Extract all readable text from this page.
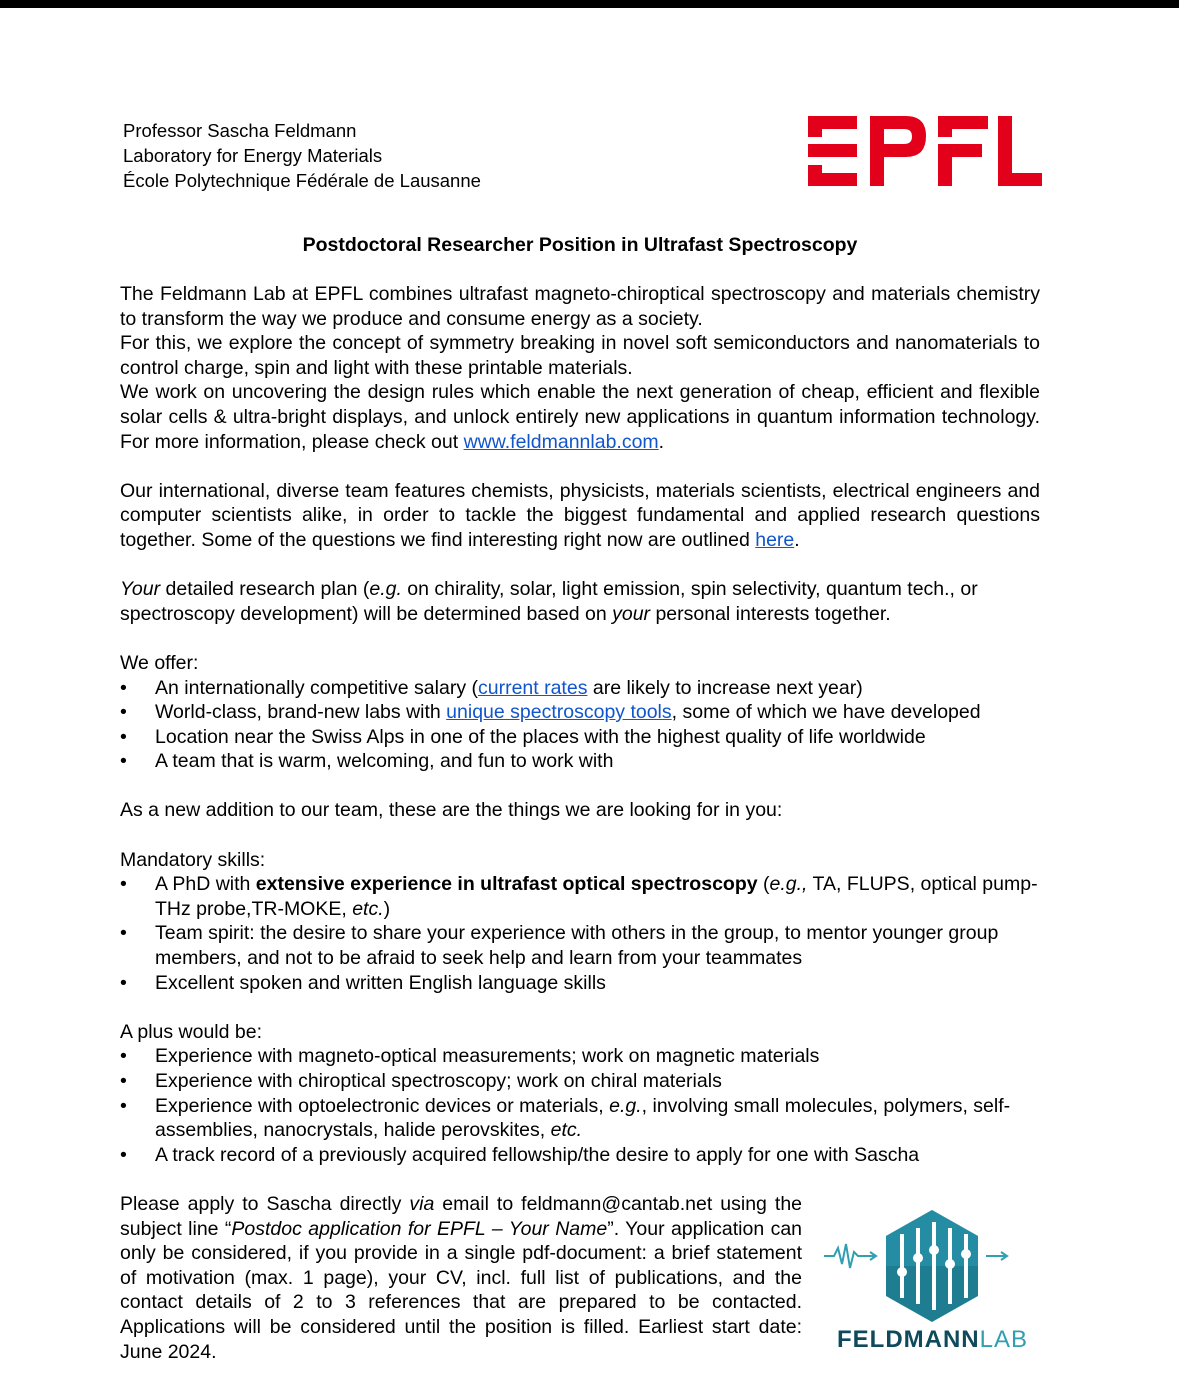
Professor Sascha Feldmann
Laboratory for Energy Materials
École Polytechnique Fédérale de Lausanne
Postdoctoral Researcher Position in Ultrafast Spectroscopy

The Feldmann Lab at EPFL combines ultrafast magneto-chiroptical spectroscopy and materials chemistry to transform the way we produce and consume energy as a society.
For this, we explore the concept of symmetry breaking in novel soft semiconductors and nanomaterials to control charge, spin and light with these printable materials.
We work on uncovering the design rules which enable the next generation of cheap, efficient and flexible solar cells & ultra-bright displays, and unlock entirely new applications in quantum information technology. For more information, please check out www.feldmannlab.com.

Our international, diverse team features chemists, physicists, materials scientists, electrical engineers and computer scientists alike, in order to tackle the biggest fundamental and applied research questions together. Some of the questions we find interesting right now are outlined here.

Your detailed research plan (e.g. on chirality, solar, light emission, spin selectivity, quantum tech., or spectroscopy development) will be determined based on your personal interests together.

We offer:

• An internationally competitive salary (current rates are likely to increase next year)
• World-class, brand-new labs with unique spectroscopy tools, some of which we have developed
• Location near the Swiss Alps in one of the places with the highest quality of life worldwide
• A team that is warm, welcoming, and fun to work with

As a new addition to our team, these are the things we are looking for in you:

Mandatory skills:

• A PhD with extensive experience in ultrafast optical spectroscopy (e.g., TA, FLUPS, optical pump-THz probe,TR-MOKE, etc.)
• Team spirit: the desire to share your experience with others in the group, to mentor younger group members, and not to be afraid to seek help and learn from your teammates
• Excellent spoken and written English language skills

A plus would be:

• Experience with magneto-optical measurements; work on magnetic materials
• Experience with chiroptical spectroscopy; work on chiral materials
• Experience with optoelectronic devices or materials, e.g., involving small molecules, polymers, self-assemblies, nanocrystals, halide perovskites, etc.
• A track record of a previously acquired fellowship/the desire to apply for one with Sascha

Please apply to Sascha directly via email to feldmann@cantab.net using the subject line “Postdoc application for EPFL – Your Name”. Your application can only be considered, if you provide in a single pdf-document: a brief statement of motivation (max. 1 page), your CV, incl. full list of publications, and the contact details of 2 to 3 references that are prepared to be contacted. Applications will be considered until the position is filled. Earliest start date: June 2024.	FELDMANNLAB
